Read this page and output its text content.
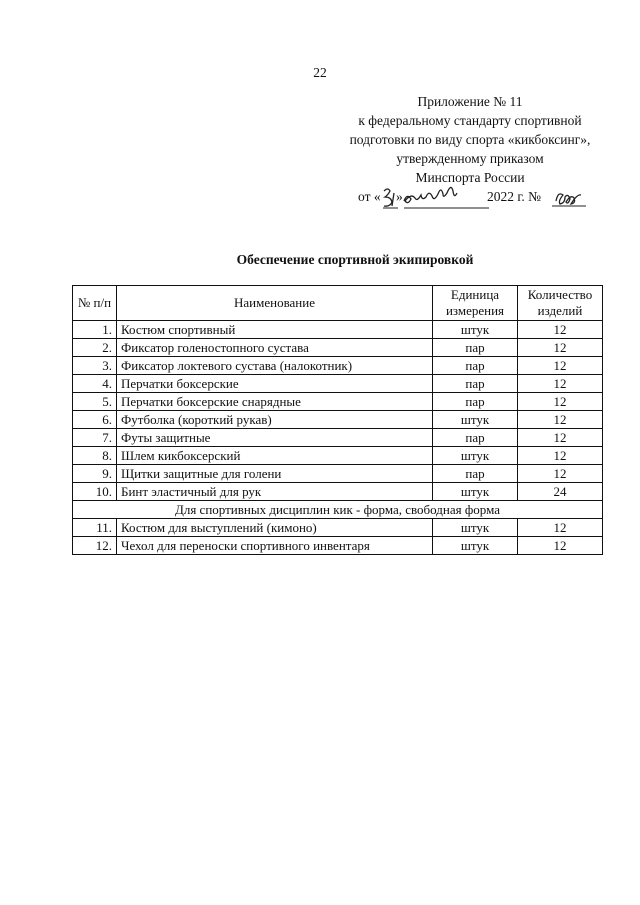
22
Приложение № 11
к федеральному стандарту спортивной
подготовки по виду спорта «кикбоксинг»,
утвержденному приказом
Минспорта России
от « »	2022 г. №
Обеспечение спортивной экипировкой
№ п/п	Наименование	Единица измерения	Количество изделий
1.	Костюм спортивный	штук	12
2.	Фиксатор голеностопного сустава	пар	12
3.	Фиксатор локтевого сустава (налокотник)	пар	12
4.	Перчатки боксерские	пар	12
5.	Перчатки боксерские снарядные	пар	12
6.	Футболка (короткий рукав)	штук	12
7.	Футы защитные	пар	12
8.	Шлем кикбоксерский	штук	12
9.	Щитки защитные для голени	пар	12
10.	Бинт эластичный для рук	штук	24
Для спортивных дисциплин кик - форма, свободная форма			
11.	Костюм для выступлений (кимоно)	штук	12
12.	Чехол для переноски спортивного инвентаря	штук	12
